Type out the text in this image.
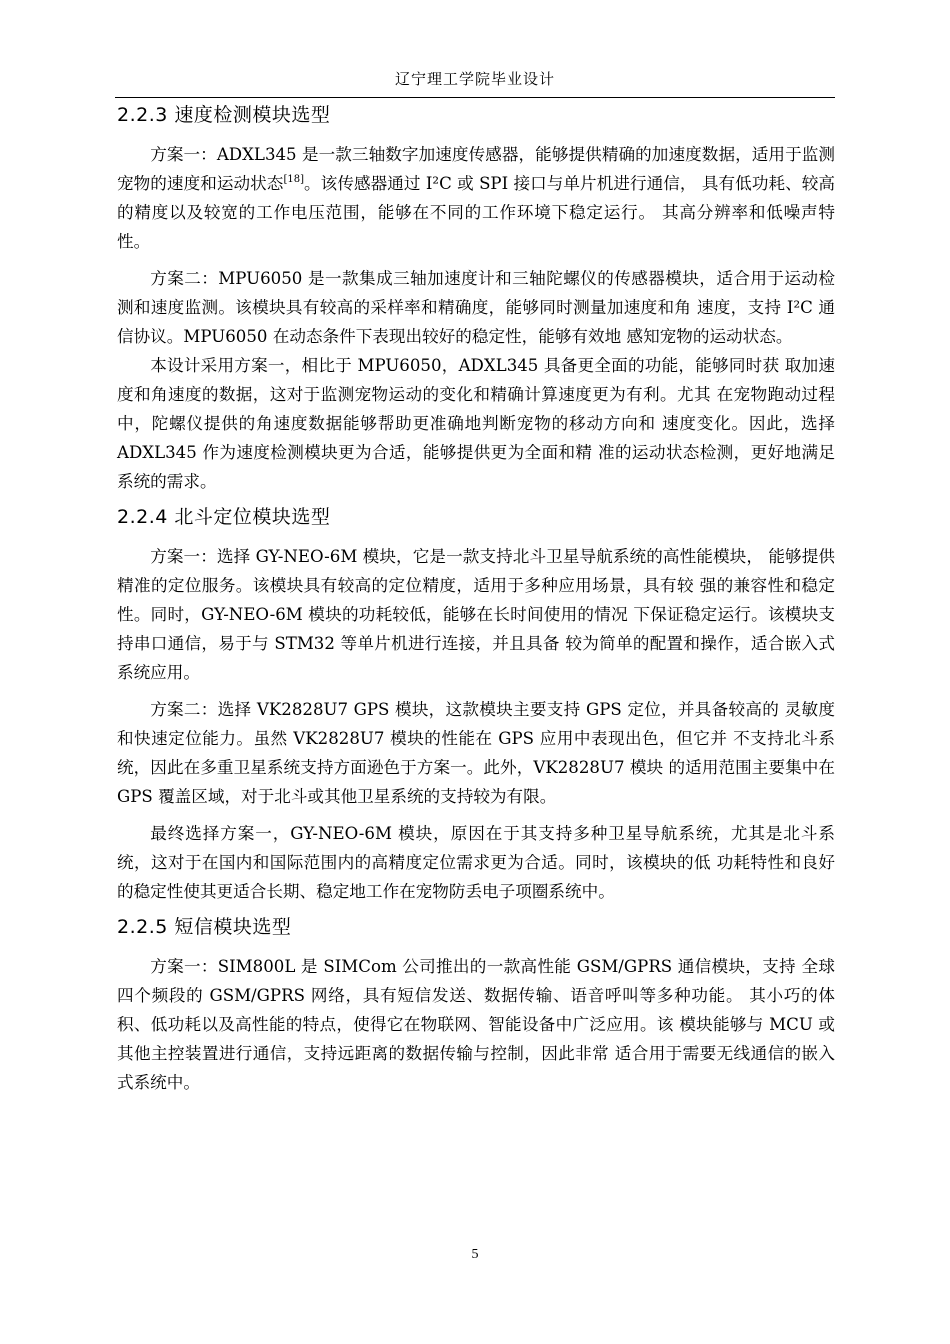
辽宁理工学院毕业设计
2.2.3 速度检测模块选型

方案一：ADXL345 是一款三轴数字加速度传感器，能够提供精确的加速度数据，适用于监测宠物的速度和运动状态[18]。该传感器通过 I²C 或 SPI 接口与单片机进行通信， 具有低功耗、较高的精度以及较宽的工作电压范围，能够在不同的工作环境下稳定运行。 其高分辨率和低噪声特性。

方案二：MPU6050 是一款集成三轴加速度计和三轴陀螺仪的传感器模块，适合用于运动检测和速度监测。该模块具有较高的采样率和精确度，能够同时测量加速度和角 速度，支持 I²C 通信协议。MPU6050 在动态条件下表现出较好的稳定性，能够有效地 感知宠物的运动状态。

本设计采用方案一，相比于 MPU6050，ADXL345 具备更全面的功能，能够同时获 取加速度和角速度的数据，这对于监测宠物运动的变化和精确计算速度更为有利。尤其 在宠物跑动过程中，陀螺仪提供的角速度数据能够帮助更准确地判断宠物的移动方向和 速度变化。因此，选择 ADXL345 作为速度检测模块更为合适，能够提供更为全面和精 准的运动状态检测，更好地满足系统的需求。

2.2.4 北斗定位模块选型

方案一：选择 GY-NEO-6M 模块，它是一款支持北斗卫星导航系统的高性能模块， 能够提供精准的定位服务。该模块具有较高的定位精度，适用于多种应用场景，具有较 强的兼容性和稳定性。同时，GY-NEO-6M 模块的功耗较低，能够在长时间使用的情况 下保证稳定运行。该模块支持串口通信，易于与 STM32 等单片机进行连接，并且具备 较为简单的配置和操作，适合嵌入式系统应用。

方案二：选择 VK2828U7 GPS 模块，这款模块主要支持 GPS 定位，并具备较高的 灵敏度和快速定位能力。虽然 VK2828U7 模块的性能在 GPS 应用中表现出色，但它并 不支持北斗系统，因此在多重卫星系统支持方面逊色于方案一。此外，VK2828U7 模块 的适用范围主要集中在 GPS 覆盖区域，对于北斗或其他卫星系统的支持较为有限。

最终选择方案一，GY-NEO-6M 模块，原因在于其支持多种卫星导航系统，尤其是北斗系统，这对于在国内和国际范围内的高精度定位需求更为合适。同时，该模块的低 功耗特性和良好的稳定性使其更适合长期、稳定地工作在宠物防丢电子项圈系统中。

2.2.5 短信模块选型

方案一：SIM800L 是 SIMCom 公司推出的一款高性能 GSM/GPRS 通信模块，支持 全球四个频段的 GSM/GPRS 网络，具有短信发送、数据传输、语音呼叫等多种功能。 其小巧的体积、低功耗以及高性能的特点，使得它在物联网、智能设备中广泛应用。该 模块能够与 MCU 或其他主控装置进行通信，支持远距离的数据传输与控制，因此非常 适合用于需要无线通信的嵌入式系统中。

5
